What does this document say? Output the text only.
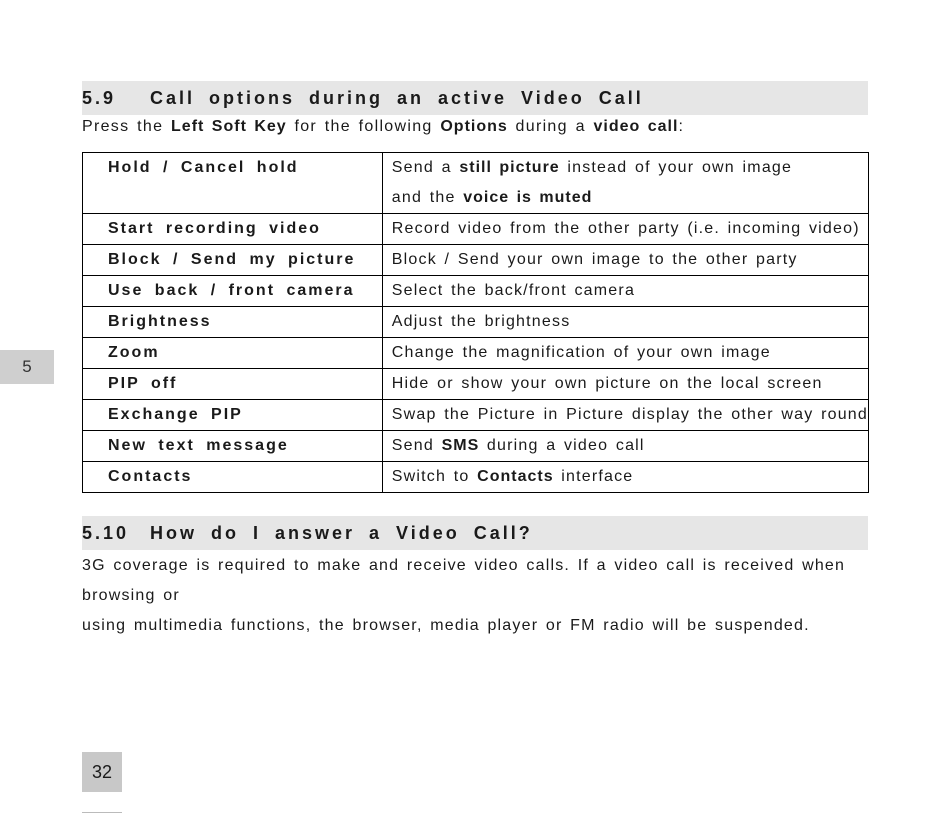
5
5.9	Call options during an active Video Call
Press the Left Soft Key for the following Options during a video call:
Hold / Cancel hold	Send a still picture instead of your own image
and the voice is muted

Start recording video	Record video from the other party (i.e. incoming video)

Block / Send my picture	Block / Send your own image to the other party

Use back / front camera	Select the back/front camera

Brightness	Adjust the brightness

Zoom	Change the magnification of your own image

PIP off	Hide or show your own picture on the local screen

Exchange PIP	Swap the Picture in Picture display the other way round

New text message	Send SMS during a video call

Contacts	Switch to Contacts interface
5.10	How do I answer a Video Call?
3G coverage is required to make and receive video calls. If a video call is received when browsing or
using multimedia functions, the browser, media player or FM radio will be suspended.
32
